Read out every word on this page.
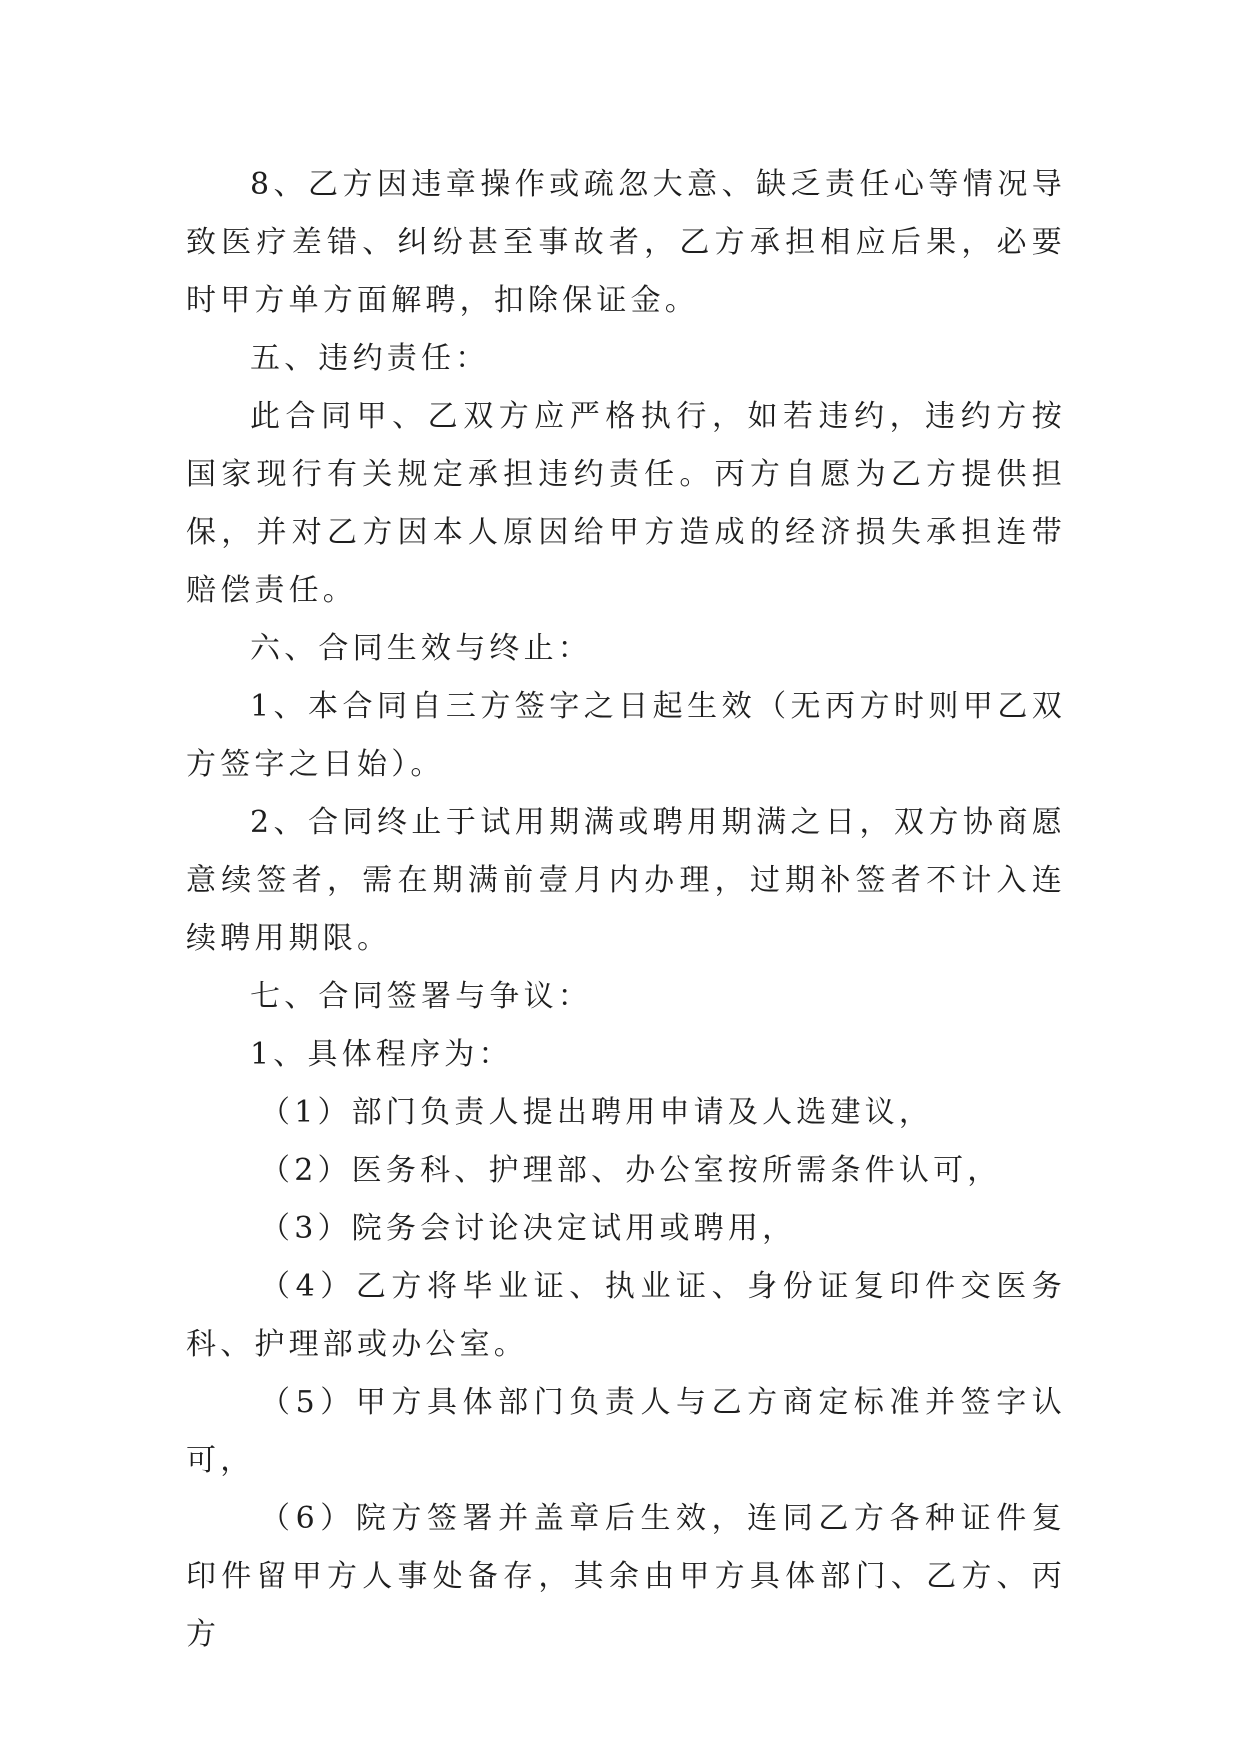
8、乙方因违章操作或疏忽大意、缺乏责任心等情况导致医疗差错、纠纷甚至事故者，乙方承担相应后果，必要时甲方单方面解聘，扣除保证金。

五、违约责任：

此合同甲、乙双方应严格执行，如若违约，违约方按国家现行有关规定承担违约责任。丙方自愿为乙方提供担保，并对乙方因本人原因给甲方造成的经济损失承担连带赔偿责任。

六、合同生效与终止：

1、本合同自三方签字之日起生效（无丙方时则甲乙双方签字之日始）。

2、合同终止于试用期满或聘用期满之日，双方协商愿意续签者，需在期满前壹月内办理，过期补签者不计入连续聘用期限。

七、合同签署与争议：

1、具体程序为：

（1）部门负责人提出聘用申请及人选建议，

（2）医务科、护理部、办公室按所需条件认可，

（3）院务会讨论决定试用或聘用，

（4）乙方将毕业证、执业证、身份证复印件交医务科、护理部或办公室。

（5）甲方具体部门负责人与乙方商定标准并签字认可，

（6）院方签署并盖章后生效，连同乙方各种证件复印件留甲方人事处备存，其余由甲方具体部门、乙方、丙方
